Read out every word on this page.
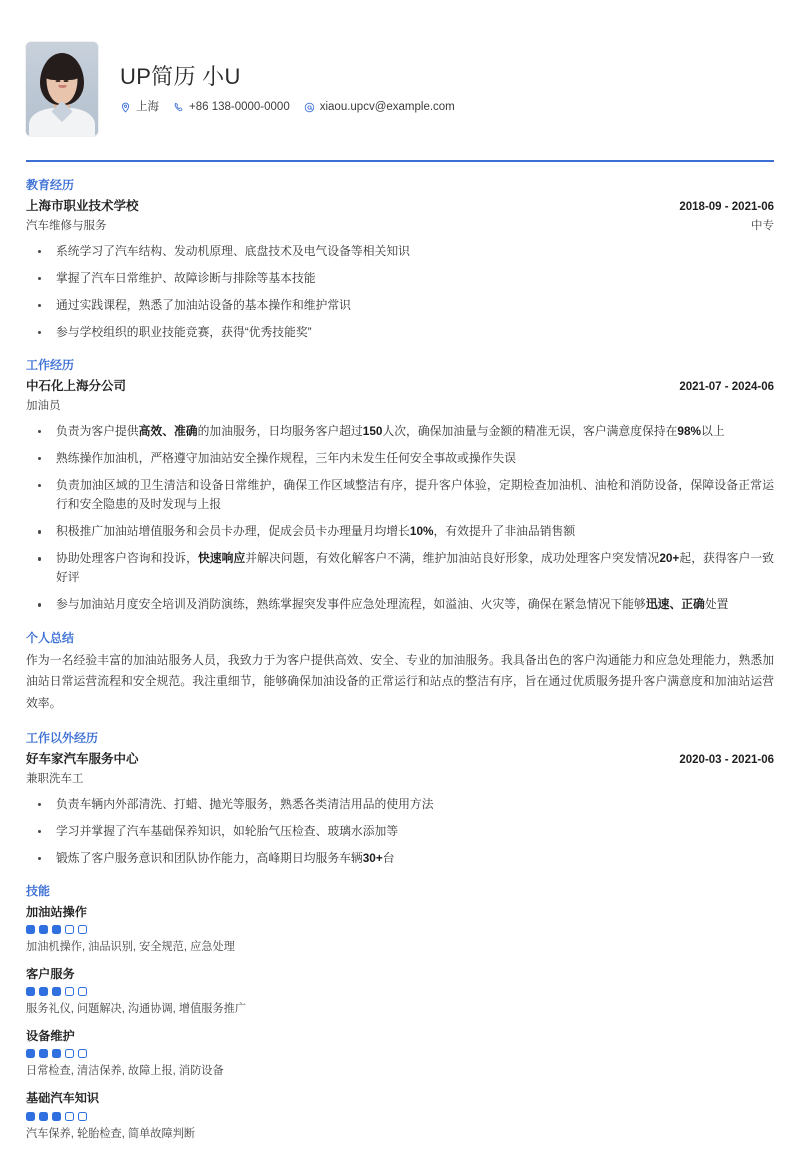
UP简历 小U
上海	+86 138-0000-0000	xiaou.upcv@example.com
教育经历
上海市职业技术学校	2018-09 - 2021-06
汽车维修与服务	中专
系统学习了汽车结构、发动机原理、底盘技术及电气设备等相关知识
掌握了汽车日常维护、故障诊断与排除等基本技能
通过实践课程，熟悉了加油站设备的基本操作和维护常识
参与学校组织的职业技能竞赛，获得“优秀技能奖”
工作经历
中石化上海分公司	2021-07 - 2024-06
加油员
负责为客户提供高效、准确的加油服务，日均服务客户超过150人次，确保加油量与金额的精准无误，客户满意度保持在98%以上
熟练操作加油机，严格遵守加油站安全操作规程，三年内未发生任何安全事故或操作失误
负责加油区域的卫生清洁和设备日常维护，确保工作区域整洁有序，提升客户体验，定期检查加油机、油枪和消防设备，保障设备正常运行和安全隐患的及时发现与上报
积极推广加油站增值服务和会员卡办理，促成会员卡办理量月均增长10%，有效提升了非油品销售额
协助处理客户咨询和投诉，快速响应并解决问题，有效化解客户不满，维护加油站良好形象，成功处理客户突发情况20+起，获得客户一致好评
参与加油站月度安全培训及消防演练，熟练掌握突发事件应急处理流程，如溢油、火灾等，确保在紧急情况下能够迅速、正确处置
个人总结

作为一名经验丰富的加油站服务人员，我致力于为客户提供高效、安全、专业的加油服务。我具备出色的客户沟通能力和应急处理能力，熟悉加油站日常运营流程和安全规范。我注重细节，能够确保加油设备的正常运行和站点的整洁有序，旨在通过优质服务提升客户满意度和加油站运营效率。

工作以外经历
好车家汽车服务中心	2020-03 - 2021-06
兼职洗车工
负责车辆内外部清洗、打蜡、抛光等服务，熟悉各类清洁用品的使用方法
学习并掌握了汽车基础保养知识，如轮胎气压检查、玻璃水添加等
锻炼了客户服务意识和团队协作能力，高峰期日均服务车辆30+台
技能
加油站操作
加油机操作, 油品识别, 安全规范, 应急处理
客户服务
服务礼仪, 问题解决, 沟通协调, 增值服务推广
设备维护
日常检查, 清洁保养, 故障上报, 消防设备
基础汽车知识
汽车保养, 轮胎检查, 简单故障判断
